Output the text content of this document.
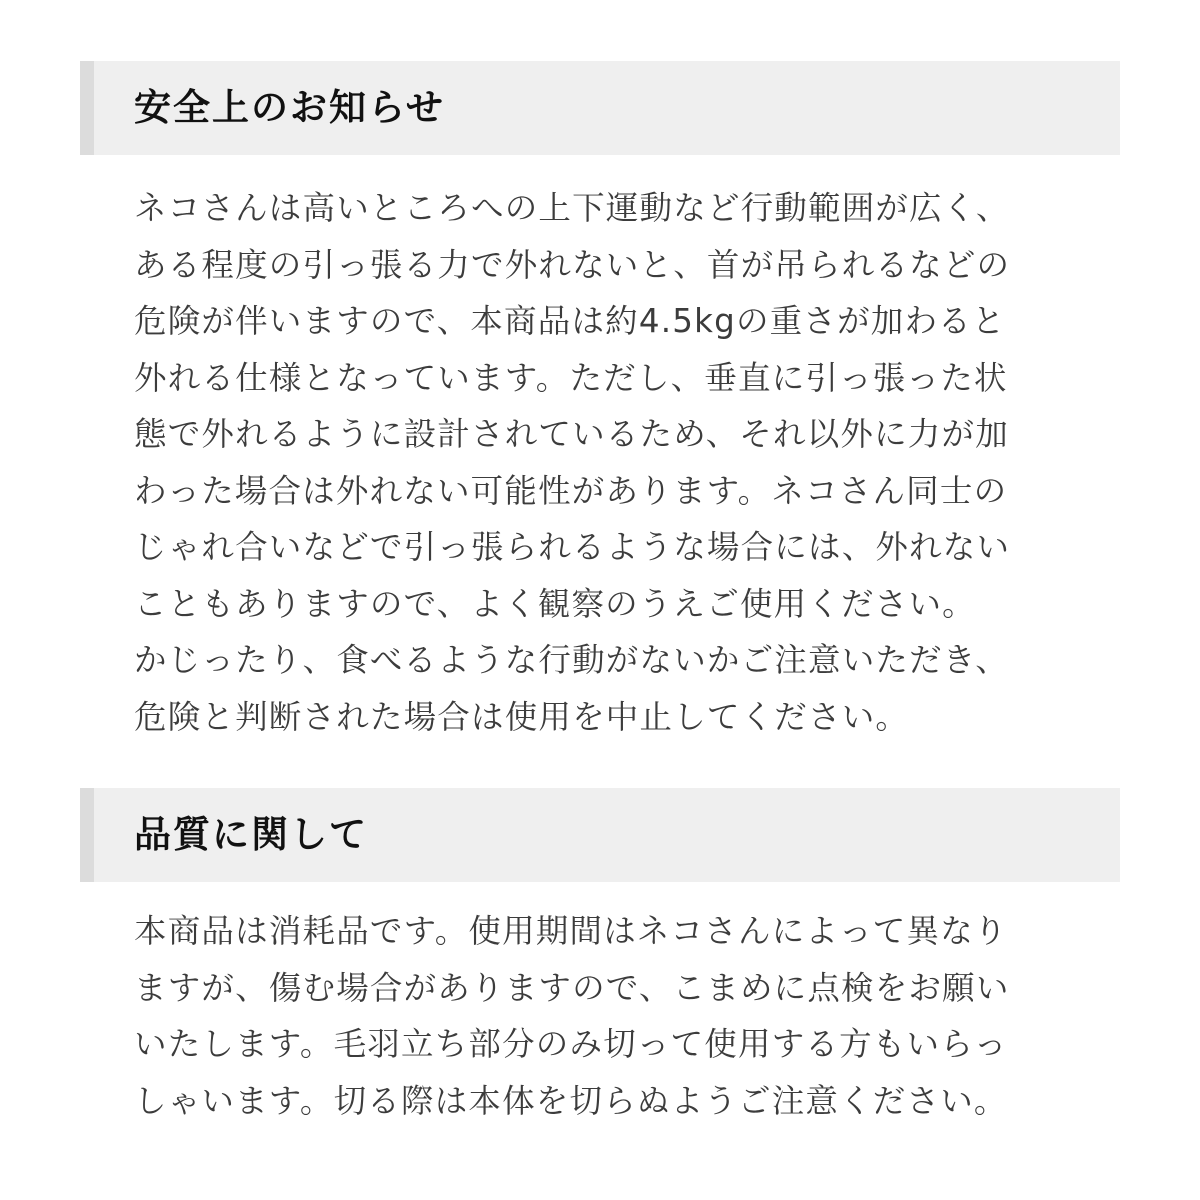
安全上のお知らせ

ネコさんは高いところへの上下運動など行動範囲が広く、

ある程度の引っ張る力で外れないと、首が吊られるなどの

危険が伴いますので、本商品は約4.5kgの重さが加わると

外れる仕様となっています。ただし、垂直に引っ張った状

態で外れるように設計されているため、それ以外に力が加

わった場合は外れない可能性があります。ネコさん同士の

じゃれ合いなどで引っ張られるような場合には、外れない

こともありますので、よく観察のうえご使用ください。

かじったり、食べるような行動がないかご注意いただき、

危険と判断された場合は使用を中止してください。

品質に関して

本商品は消耗品です。使用期間はネコさんによって異なり

ますが、傷む場合がありますので、こまめに点検をお願い

いたします。毛羽立ち部分のみ切って使用する方もいらっ

しゃいます。切る際は本体を切らぬようご注意ください。
